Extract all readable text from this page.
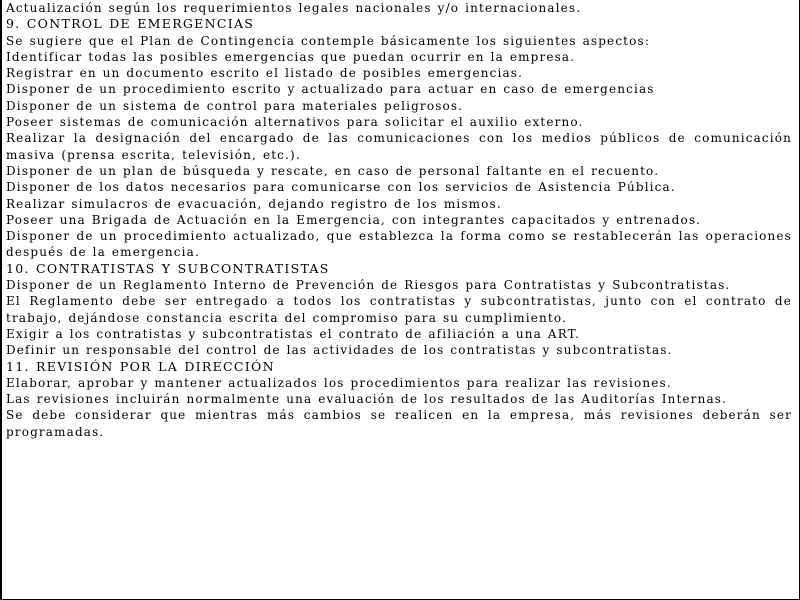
Actualización según los requerimientos legales nacionales y/o internacionales.

9. CONTROL DE EMERGENCIAS

Se sugiere que el Plan de Contingencia contemple básicamente los siguientes aspectos:

Identificar todas las posibles emergencias que puedan ocurrir en la empresa.

Registrar en un documento escrito el listado de posibles emergencias.

Disponer de un procedimiento escrito y actualizado para actuar en caso de emergencias

Disponer de un sistema de control para materiales peligrosos.

Poseer sistemas de comunicación alternativos para solicitar el auxilio externo.

Realizar la designación del encargado de las comunicaciones con los medios públicos de comunicación masiva (prensa escrita, televisión, etc.).

Disponer de un plan de búsqueda y rescate, en caso de personal faltante en el recuento.

Disponer de los datos necesarios para comunicarse con los servicios de Asistencia Pública.

Realizar simulacros de evacuación, dejando registro de los mismos.

Poseer una Brigada de Actuación en la Emergencia, con integrantes capacitados y entrenados.

Disponer de un procedimiento actualizado, que establezca la forma como se restablecerán las operaciones después de la emergencia.

10. CONTRATISTAS Y SUBCONTRATISTAS

Disponer de un Reglamento Interno de Prevención de Riesgos para Contratistas y Subcontratistas.

El Reglamento debe ser entregado a todos los contratistas y subcontratistas, junto con el contrato de trabajo, dejándose constancia escrita del compromiso para su cumplimiento.

Exigir a los contratistas y subcontratistas el contrato de afiliación a una ART.

Definir un responsable del control de las actividades de los contratistas y subcontratistas.

11. REVISIÓN POR LA DIRECCIÓN

Elaborar, aprobar y mantener actualizados los procedimientos para realizar las revisiones.

Las revisiones incluirán normalmente una evaluación de los resultados de las Auditorías Internas.

Se debe considerar que mientras más cambios se realicen en la empresa, más revisiones deberán ser programadas.
